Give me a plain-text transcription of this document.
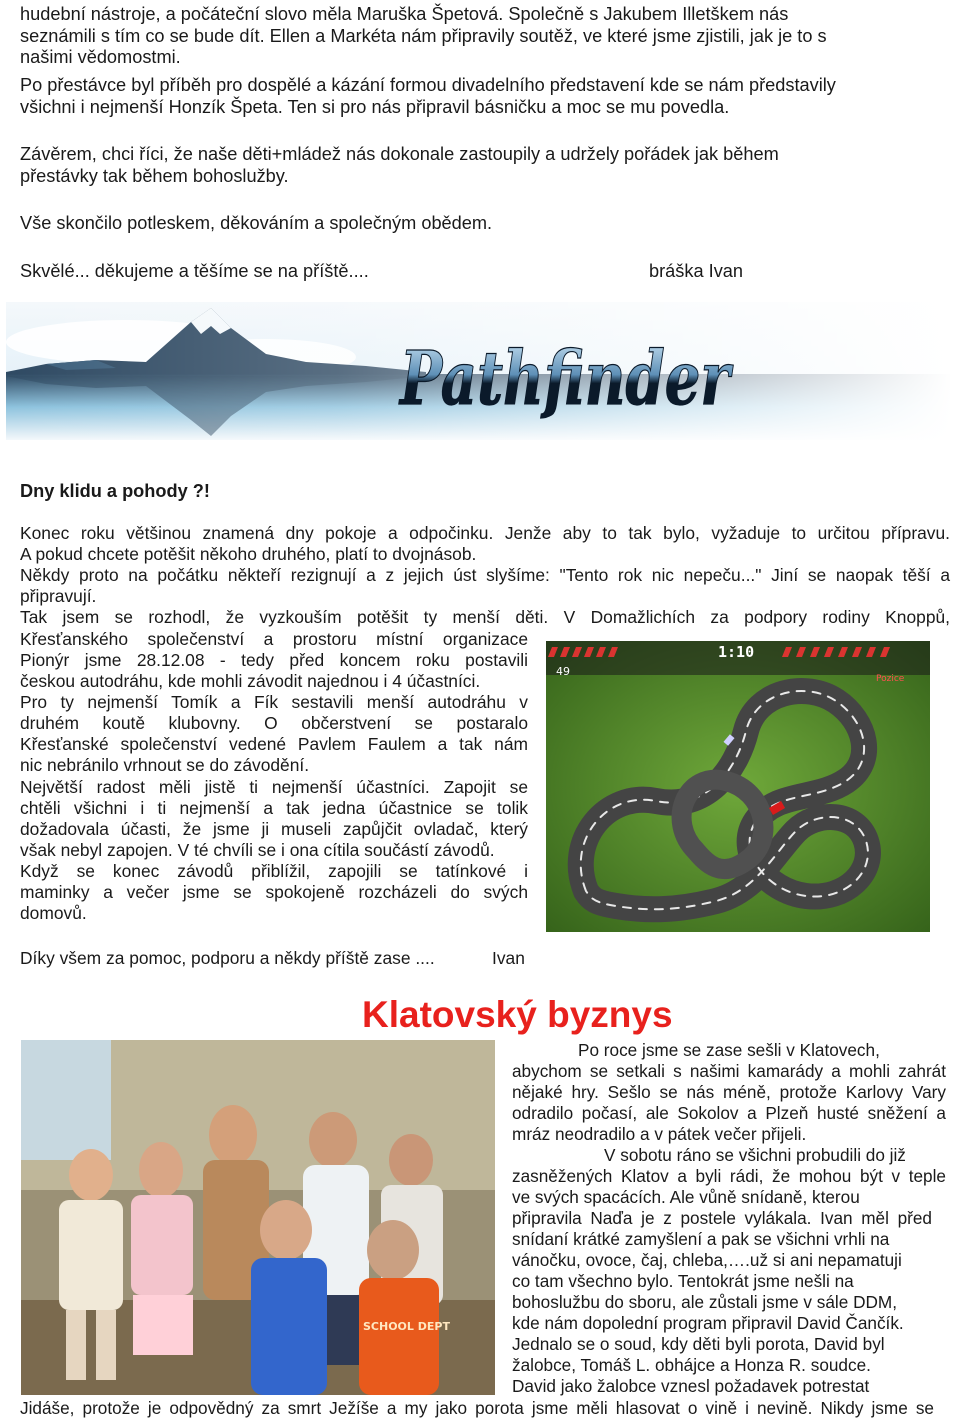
hudební nástroje, a počáteční slovo měla Maruška Špetová. Společně s Jakubem Illetškem nás
seznámili s tím co se bude dít. Ellen a Markéta nám připravily soutěž, ve které jsme zjistili, jak je to s
našimi vědomostmi.
Po přestávce byl příběh pro dospělé a kázání formou divadelního představení kde se nám představily
všichni i nejmenší Honzík Špeta. Ten si pro nás připravil básničku a moc se mu povedla.
Závěrem, chci říci, že naše děti+mládež nás dokonale zastoupily a udržely pořádek jak během
přestávky tak během bohoslužby.
Vše skončilo potleskem, děkováním a společným obědem.
Skvělé... děkujeme a těšíme se na příště....	bráška Ivan
Pathfinder
Dny klidu a pohody ?!
Konec roku většinou znamená dny pokoje a odpočinku. Jenže aby to tak bylo, vyžaduje to určitou přípravu.
A pokud chcete potěšit někoho druhého, platí to dvojnásob.
Někdy proto na počátku někteří rezignují a z jejich úst slyšíme: "Tento rok nic nepeču..." Jiní se naopak těší a
připravují.
Tak jsem se rozhodl, že vyzkouším potěšit ty menší děti. V Domažlichích za podpory rodiny Knoppů,
Křesťanského společenství a prostoru místní organizace
Pionýr jsme 28.12.08 - tedy před koncem roku postavili
českou autodráhu, kde mohli závodit najednou i 4 účastníci.
Pro ty nejmenší Tomík a Fík sestavili menší autodráhu v
druhém koutě klubovny. O občerstvení se postaralo
Křesťanské společenství vedené Pavlem Faulem a tak nám
nic nebránilo vrhnout se do závodění.
Největší radost měli jistě ti nejmenší účastníci. Zapojit se
chtěli všichni i ti nejmenší a tak jedna účastnice se tolik
dožadovala účasti, že jsme ji museli zapůjčit ovladač, který
však nebyl zapojen. V té chvíli se i ona cítila součástí závodů.
Když se konec závodů přiblížil, zapojili se tatínkové i
maminky a večer jsme se spokojeně rozcházeli do svých
domovů.
Díky všem za pomoc, podporu a někdy příště zase ....	Ivan
1:10
49
Pozice
Klatovský byznys
SCHOOL DEPT
Po roce jsme se zase sešli v Klatovech,
abychom se setkali s našimi kamarády a mohli zahrát
nějaké hry. Sešlo se nás méně, protože Karlovy Vary
odradilo počasí, ale Sokolov a Plzeň husté sněžení a
mráz neodradilo a v pátek večer přijeli.
V sobotu ráno se všichni probudili do již
zasněžených Klatov a byli rádi, že mohou být v teple
ve svých spacácích. Ale vůně snídaně, kterou
připravila Naďa je z postele vylákala. Ivan měl před
snídaní krátké zamyšlení a pak se všichni vrhli na
vánočku, ovoce, čaj, chleba,….už si ani nepamatuji
co tam všechno bylo. Tentokrát jsme nešli na
bohoslužbu do sboru, ale zůstali jsme v sále DDM,
kde nám dopolední program připravil David Čančík.
Jednalo se o soud, kdy děti byli porota, David byl
žalobce, Tomáš L. obhájce a Honza R. soudce.
David jako žalobce vznesl požadavek potrestat
Jidáše, protože je odpovědný za smrt Ježíše a my jako porota jsme měli hlasovat o vině i nevině. Nikdy jsme se
